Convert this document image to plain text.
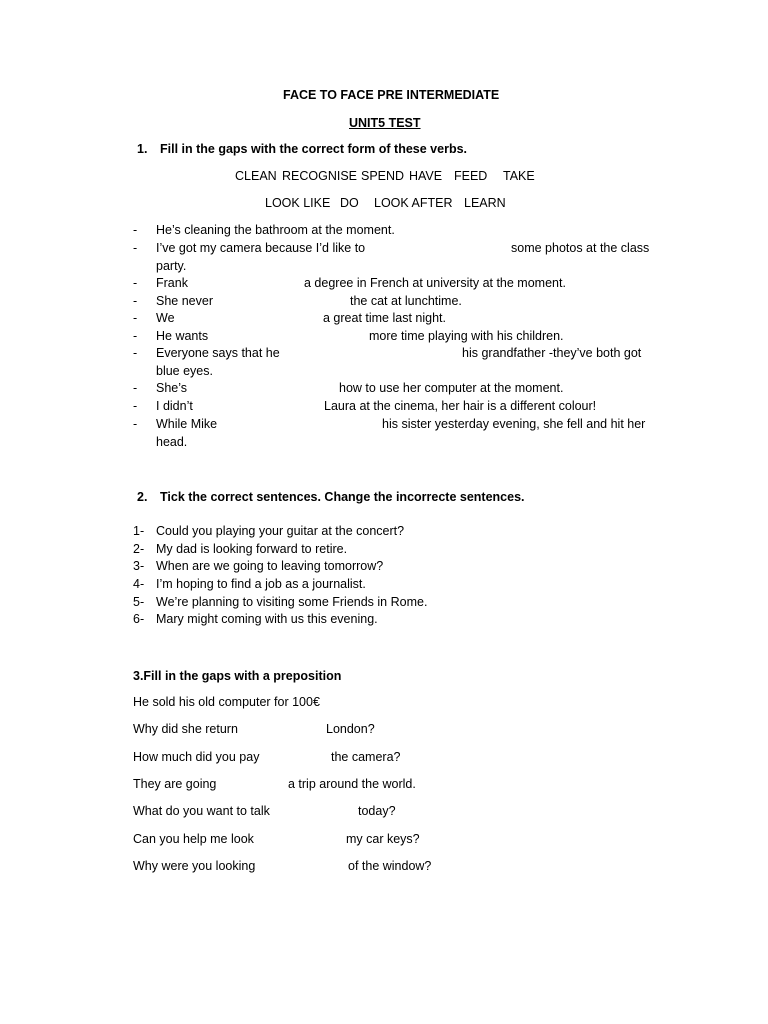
FACE TO FACE PRE INTERMEDIATE
UNIT5 TEST
1. Fill in the gaps with the correct form of these verbs.
CLEAN RECOGNISE SPEND HAVE FEED TAKE
LOOK LIKE DO LOOK AFTER LEARN
- He’s cleaning the bathroom at the moment.
- I’ve got my camera because I’d like to	some photos at the class
party.
- Frank	a degree in French at university at the moment.
- She never	the cat at lunchtime.
- We	a great time last night.
- He wants	more time playing with his children.
- Everyone says that he	his grandfather -they’ve both got
blue eyes.
- She’s	how to use her computer at the moment.
- I didn’t	Laura at the cinema, her hair is a different colour!
- While Mike	his sister yesterday evening, she fell and hit her
head.
2. Tick the correct sentences. Change the incorrecte sentences.
1- Could you playing your guitar at the concert?
2- My dad is looking forward to retire.
3- When are we going to leaving tomorrow?
4- I’m hoping to find a job as a journalist.
5- We’re planning to visiting some Friends in Rome.
6- Mary might coming with us this evening.
3.Fill in the gaps with a preposition
He sold his old computer for 100€
Why did she return	London?
How much did you pay	the camera?
They are going	a trip around the world.
What do you want to talk	today?
Can you help me look	my car keys?
Why were you looking	of the window?
